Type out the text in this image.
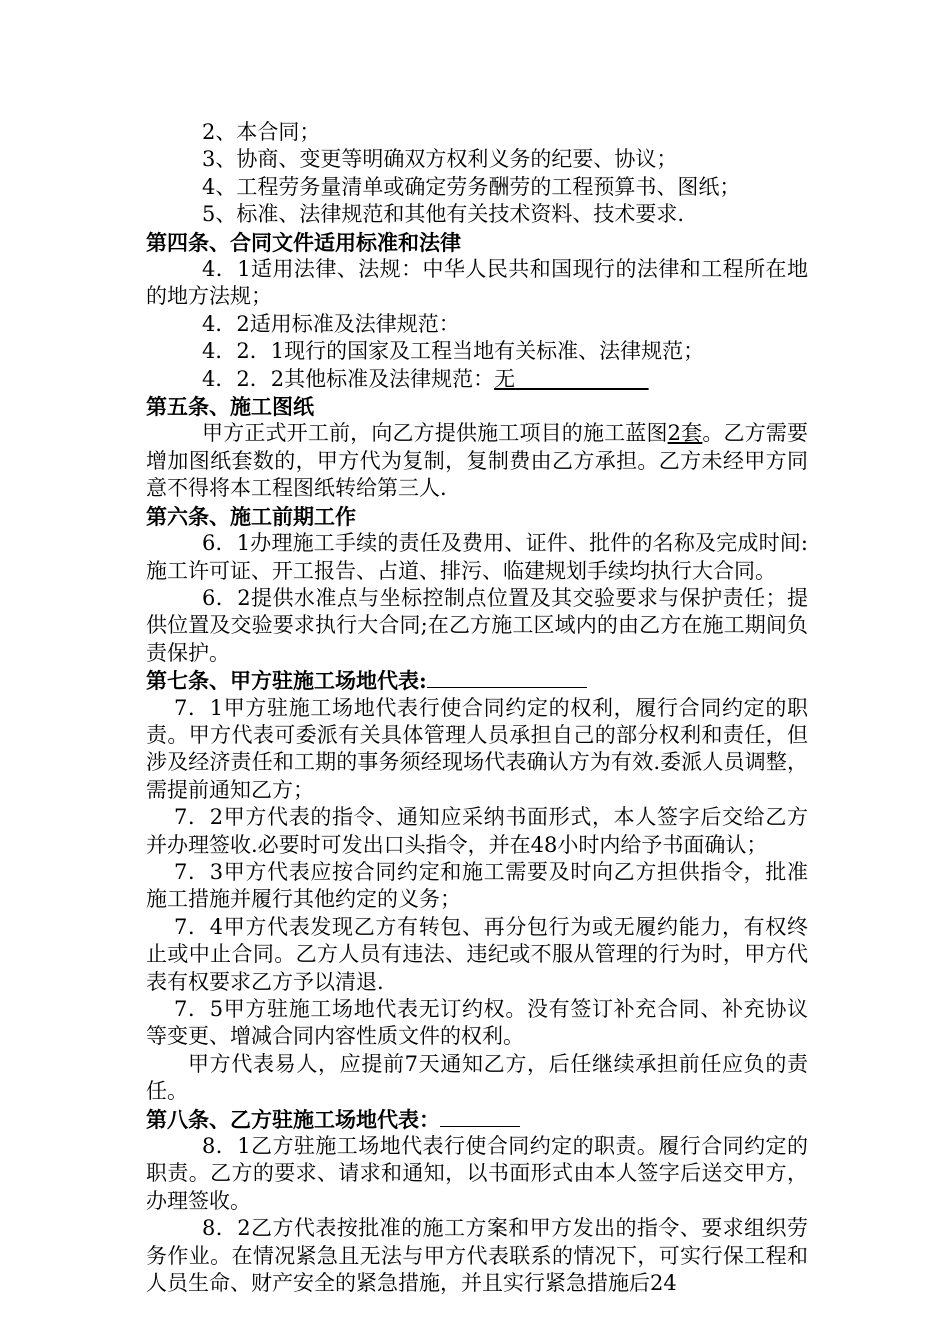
2、本合同；

3、协商、变更等明确双方权利义务的纪要、协议；

4、工程劳务量清单或确定劳务酬劳的工程预算书、图纸；

5、标准、法律规范和其他有关技术资料、技术要求.

第四条、合同文件适用标准和法律

4．1适用法律、法规：中华人民共和国现行的法律和工程所在地的地方法规；

4．2适用标准及法律规范：

4．2．1现行的国家及工程当地有关标准、法律规范；

4．2．2其他标准及法律规范：无

第五条、施工图纸

甲方正式开工前，向乙方提供施工项目的施工蓝图2套。乙方需要增加图纸套数的，甲方代为复制，复制费由乙方承担。乙方未经甲方同意不得将本工程图纸转给第三人.

第六条、施工前期工作

6．1办理施工手续的责任及费用、证件、批件的名称及完成时间:施工许可证、开工报告、占道、排污、临建规划手续均执行大合同。

6．2提供水准点与坐标控制点位置及其交验要求与保护责任；提供位置及交验要求执行大合同;在乙方施工区域内的由乙方在施工期间负责保护。

第七条、甲方驻施工场地代表:

7．1甲方驻施工场地代表行使合同约定的权利，履行合同约定的职责。甲方代表可委派有关具体管理人员承担自己的部分权利和责任，但涉及经济责任和工期的事务须经现场代表确认方为有效.委派人员调整，需提前通知乙方；

7．2甲方代表的指令、通知应采纳书面形式，本人签字后交给乙方并办理签收.必要时可发出口头指令，并在48小时内给予书面确认；

7．3甲方代表应按合同约定和施工需要及时向乙方担供指令，批准施工措施并履行其他约定的义务；

7．4甲方代表发现乙方有转包、再分包行为或无履约能力，有权终止或中止合同。乙方人员有违法、违纪或不服从管理的行为时，甲方代表有权要求乙方予以清退.

7．5甲方驻施工场地代表无订约权。没有签订补充合同、补充协议等变更、增减合同内容性质文件的权利。

甲方代表易人，应提前7天通知乙方，后任继续承担前任应负的责任。

第八条、乙方驻施工场地代表：

8．1乙方驻施工场地代表行使合同约定的职责。履行合同约定的职责。乙方的要求、请求和通知，以书面形式由本人签字后送交甲方，办理签收。

8．2乙方代表按批准的施工方案和甲方发出的指令、要求组织劳务作业。在情况紧急且无法与甲方代表联系的情况下，可实行保工程和人员生命、财产安全的紧急措施，并且实行紧急措施后24
